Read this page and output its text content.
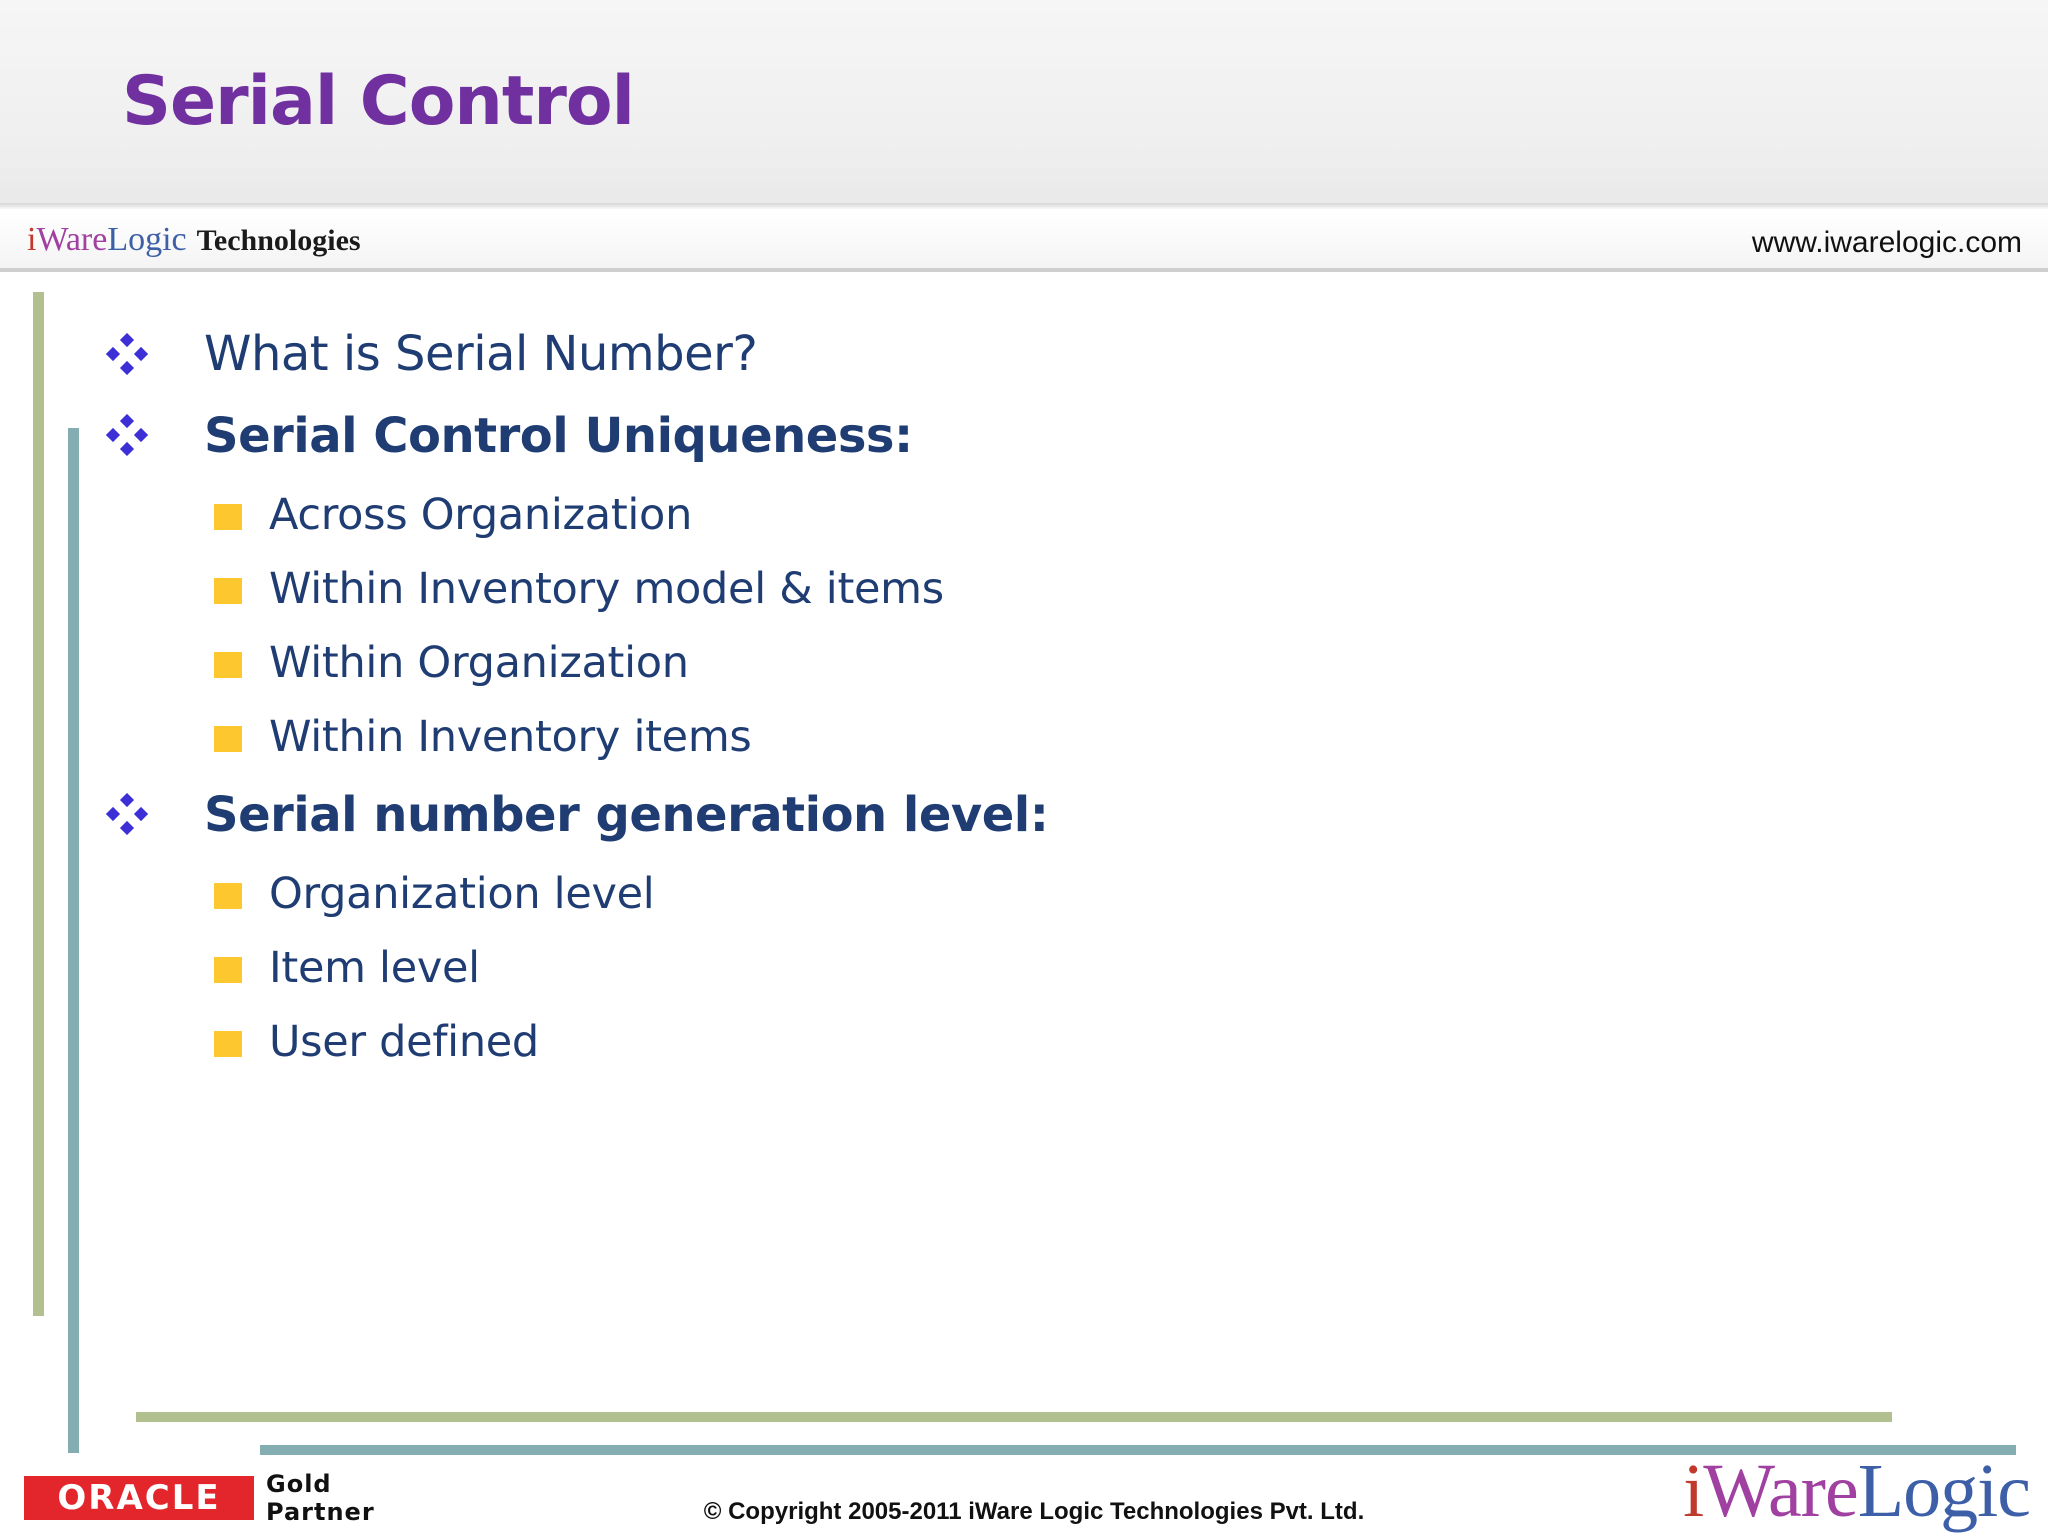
Serial Control
iWareLogic Technologies	www.iwarelogic.com
What is Serial Number?
Serial Control Uniqueness:
Across Organization
Within Inventory model & items
Within Organization
Within Inventory items
Serial number generation level:
Organization level
Item level
User defined
ORACLE	Gold
Partner	© Copyright 2005-2011 iWare Logic Technologies Pvt. Ltd.	iWareLogic
